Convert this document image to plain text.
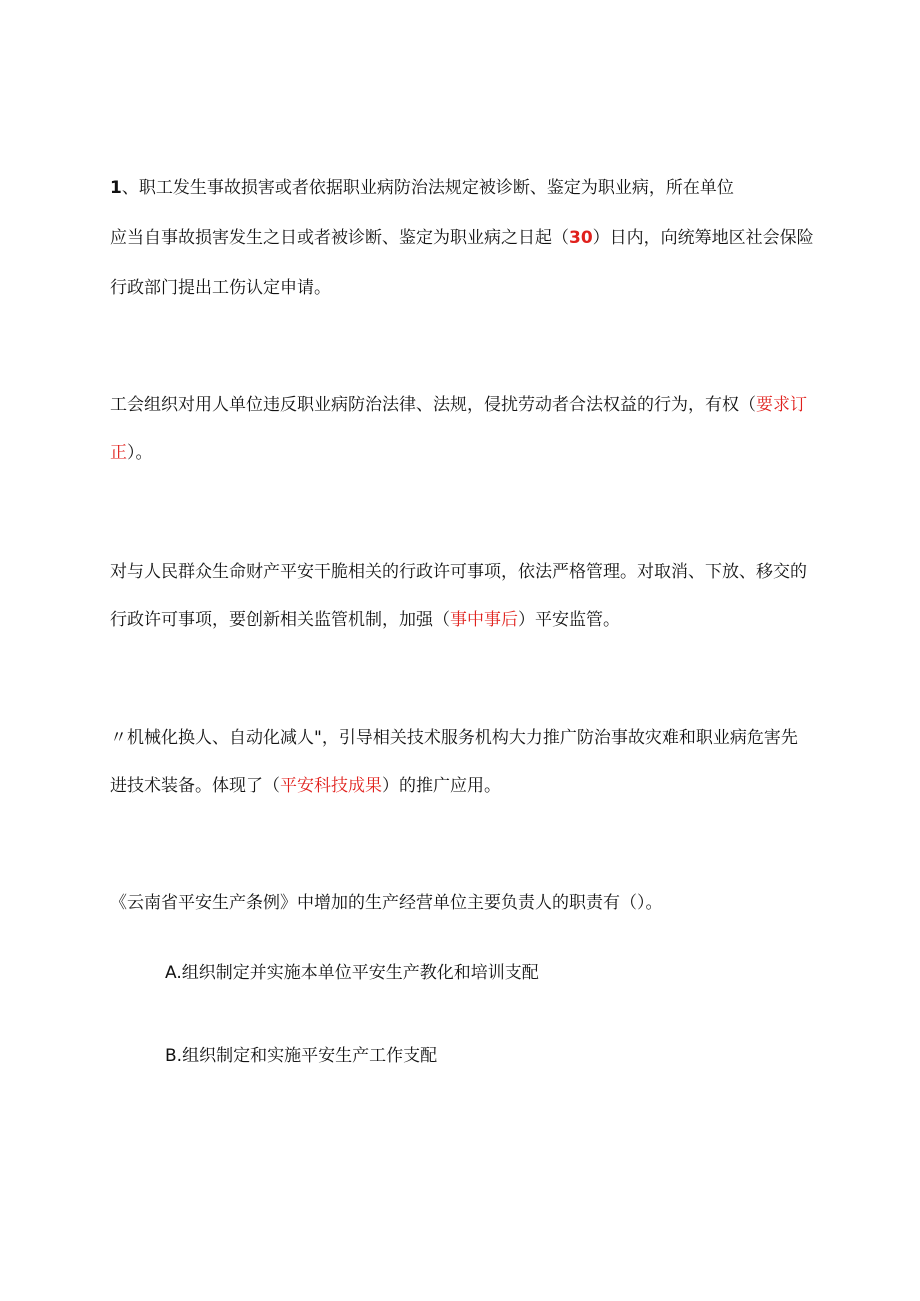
1、职工发生事故损害或者依据职业病防治法规定被诊断、鉴定为职业病，所在单位
应当自事故损害发生之日或者被诊断、鉴定为职业病之日起（30）日内，向统筹地区社会保险
行政部门提出工伤认定申请。
工会组织对用人单位违反职业病防治法律、法规，侵扰劳动者合法权益的行为，有权（要求订
正）。
对与人民群众生命财产平安干脆相关的行政许可事项，依法严格管理。对取消、下放、移交的
行政许可事项，要创新相关监管机制，加强（事中事后）平安监管。
〃机械化换人、自动化减人"，引导相关技术服务机构大力推广防治事故灾难和职业病危害先
进技术装备。体现了（平安科技成果）的推广应用。
《云南省平安生产条例》中增加的生产经营单位主要负责人的职责有（）。
A.组织制定并实施本单位平安生产教化和培训支配
B.组织制定和实施平安生产工作支配
